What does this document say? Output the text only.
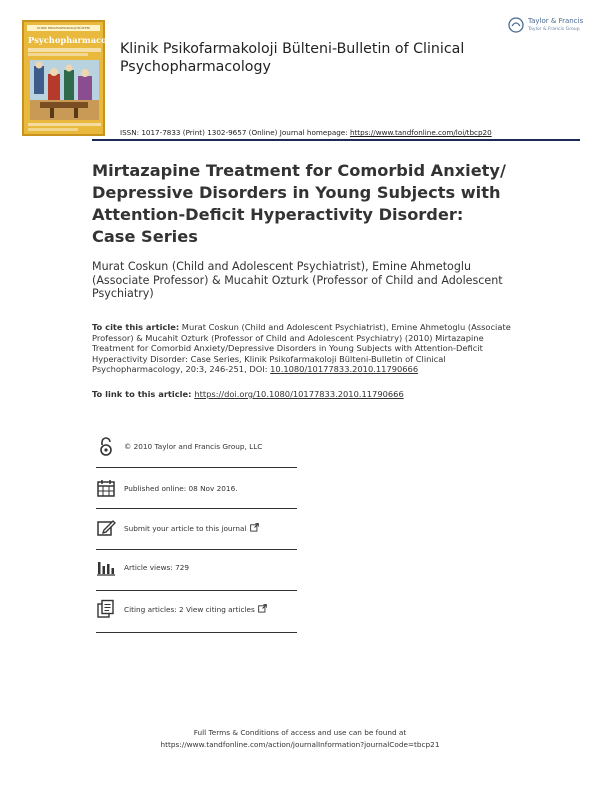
KLİNİK PSİKOFARMAKOLOJİ BÜLTENİ
Psychopharmacology
Klinik Psikofarmakoloji Bülteni-Bulletin of Clinical Psychopharmacology
Taylor & Francis
Taylor & Francis Group
ISSN: 1017-7833 (Print) 1302-9657 (Online) Journal homepage: https://www.tandfonline.com/loi/tbcp20
Mirtazapine Treatment for Comorbid Anxiety/ Depressive Disorders in Young Subjects with Attention-Deficit Hyperactivity Disorder: Case Series
Murat Coskun (Child and Adolescent Psychiatrist), Emine Ahmetoglu (Associate Professor) & Mucahit Ozturk (Professor of Child and Adolescent Psychiatry)
To cite this article: Murat Coskun (Child and Adolescent Psychiatrist), Emine Ahmetoglu (Associate Professor) & Mucahit Ozturk (Professor of Child and Adolescent Psychiatry) (2010) Mirtazapine Treatment for Comorbid Anxiety/Depressive Disorders in Young Subjects with Attention-Deficit Hyperactivity Disorder: Case Series, Klinik Psikofarmakoloji Bülteni-Bulletin of Clinical Psychopharmacology, 20:3, 246-251, DOI: 10.1080/10177833.2010.11790666
To link to this article: https://doi.org/10.1080/10177833.2010.11790666
© 2010 Taylor and Francis Group, LLC
Published online: 08 Nov 2016.
Submit your article to this journal
Article views: 729
Citing articles: 2 View citing articles
Full Terms & Conditions of access and use can be found at
https://www.tandfonline.com/action/journalInformation?journalCode=tbcp21
